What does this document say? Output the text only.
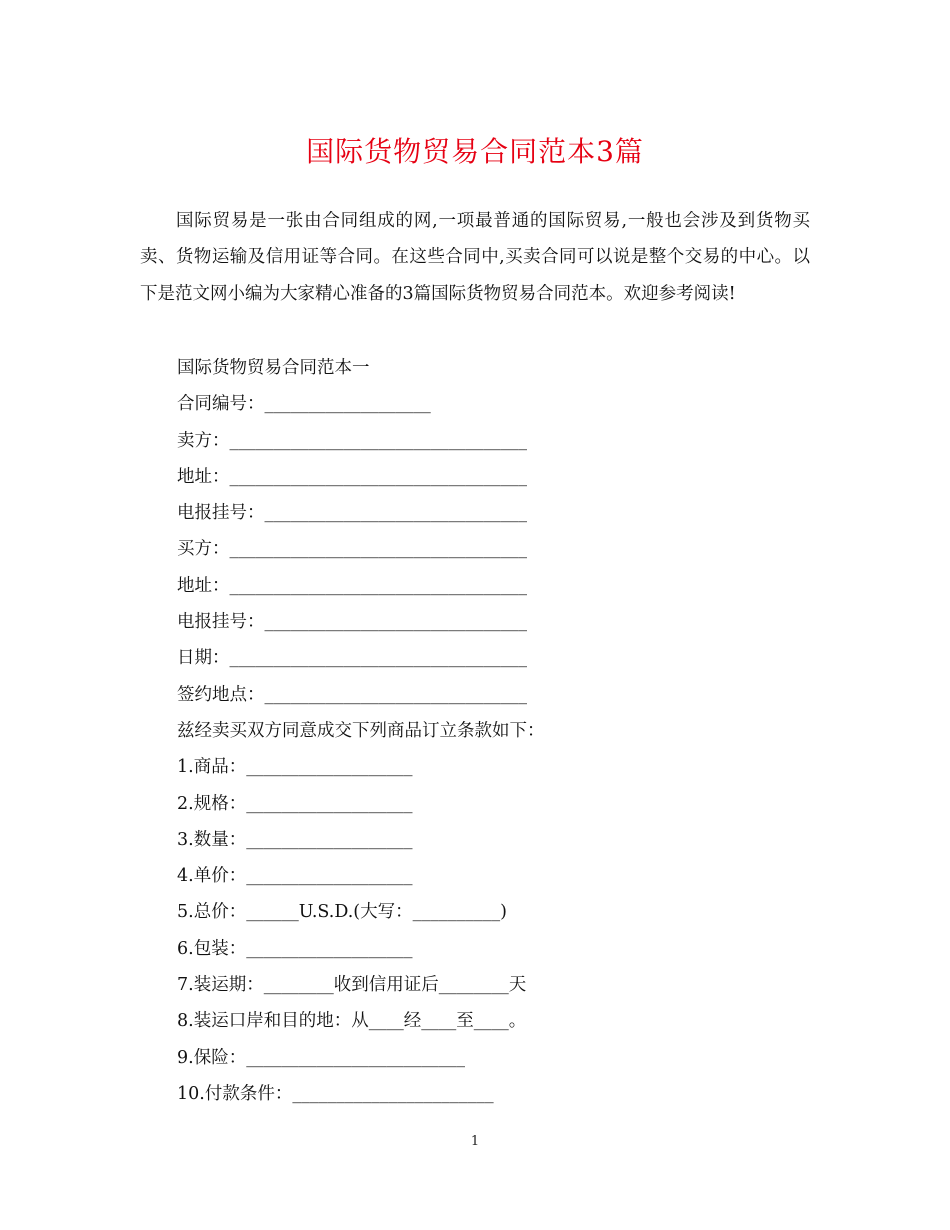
国际货物贸易合同范本3篇

国际贸易是一张由合同组成的网,一项最普通的国际贸易,一般也会涉及到货物买卖、货物运输及信用证等合同。在这些合同中,买卖合同可以说是整个交易的中心。以下是范文网小编为大家精心准备的3篇国际货物贸易合同范本。欢迎参考阅读!

国际货物贸易合同范本一
合同编号：___________________
卖方：__________________________________
地址：__________________________________
电报挂号：______________________________
买方：__________________________________
地址：__________________________________
电报挂号：______________________________
日期：__________________________________
签约地点：______________________________
兹经卖买双方同意成交下列商品订立条款如下：
1.商品：___________________
2.规格：___________________
3.数量：___________________
4.单价：___________________
5.总价：______U.S.D.(大写：__________)
6.包装：___________________
7.装运期：________收到信用证后________天
8.装运口岸和目的地：从____经____至____。
9.保险：_________________________
10.付款条件：_______________________
1
